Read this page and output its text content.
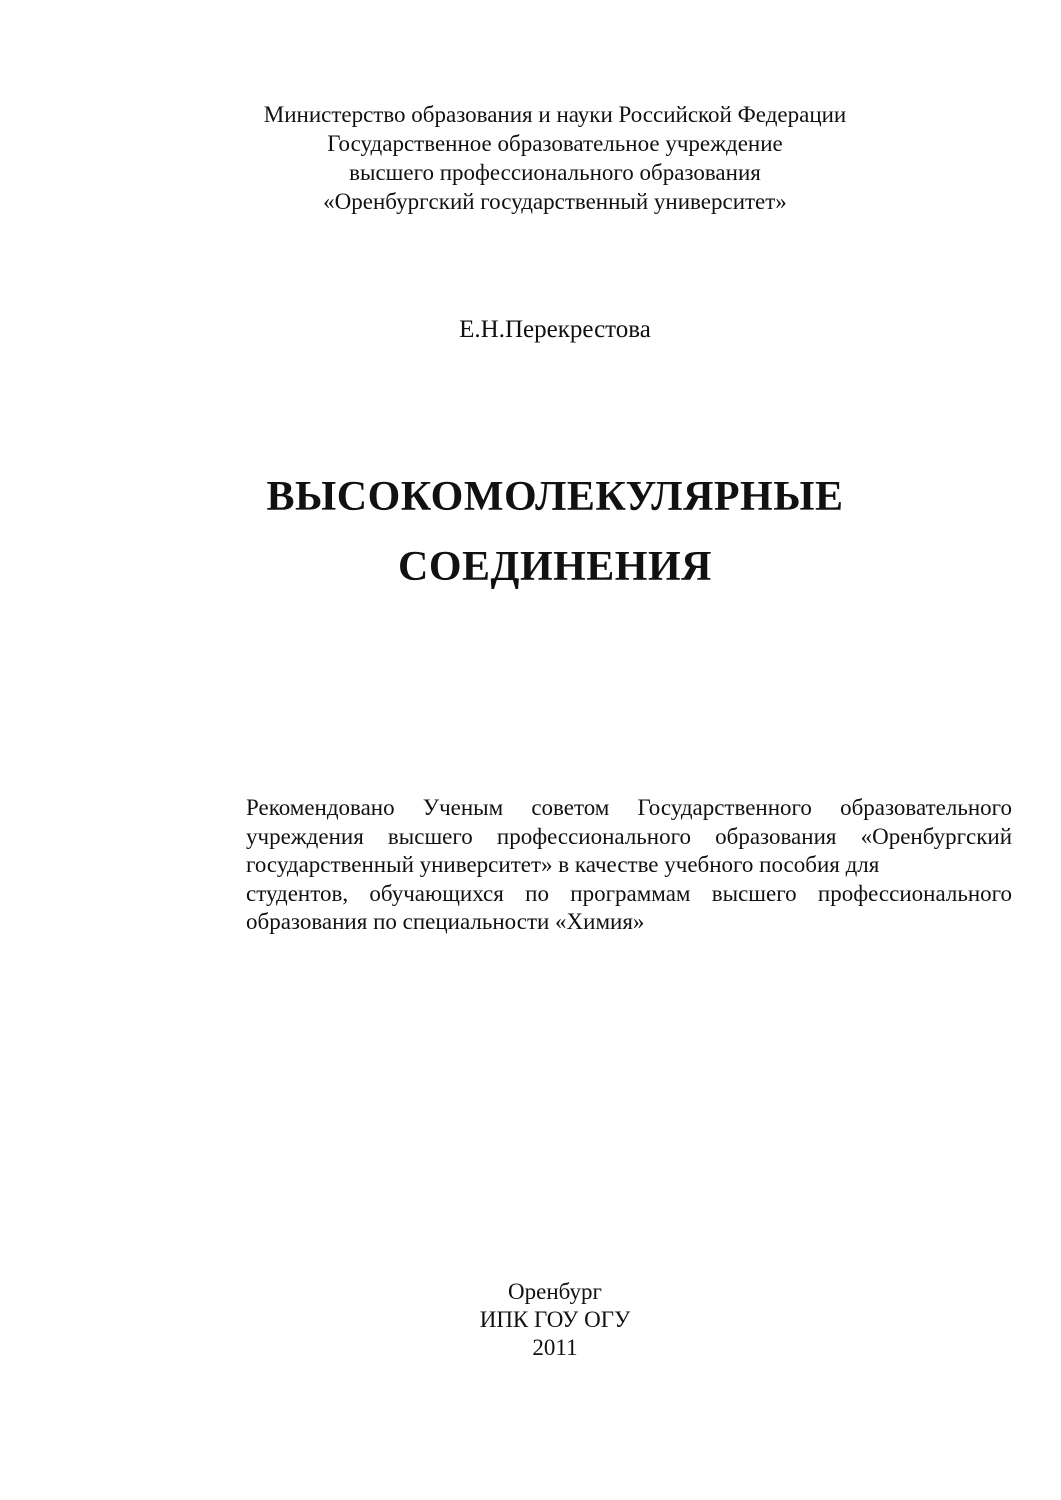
Министерство образования и науки Российской Федерации
Государственное образовательное учреждение
высшего профессионального образования
«Оренбургский государственный университет»
Е.Н.Перекрестова
ВЫСОКОМОЛЕКУЛЯРНЫЕ
СОЕДИНЕНИЯ
Рекомендовано Ученым советом Государственного образовательного
учреждения высшего профессионального образования «Оренбургский
государственный университет» в качестве учебного пособия для
студентов, обучающихся по программам высшего профессионального
образования по специальности «Химия»
Оренбург
ИПК ГОУ ОГУ
2011
